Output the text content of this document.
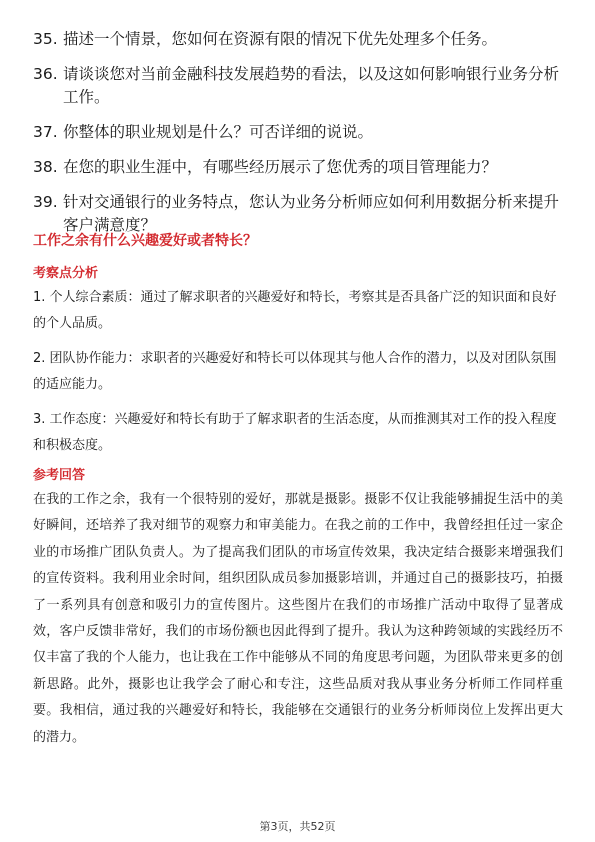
35. 描述一个情景，您如何在资源有限的情况下优先处理多个任务。
36. 请谈谈您对当前金融科技发展趋势的看法，以及这如何影响银行业务分析工作。
37. 你整体的职业规划是什么？可否详细的说说。
38. 在您的职业生涯中，有哪些经历展示了您优秀的项目管理能力？
39. 针对交通银行的业务特点，您认为业务分析师应如何利用数据分析来提升客户满意度？
工作之余有什么兴趣爱好或者特长？
考察点分析

1. 个人综合素质：通过了解求职者的兴趣爱好和特长，考察其是否具备广泛的知识面和良好的个人品质。

2. 团队协作能力：求职者的兴趣爱好和特长可以体现其与他人合作的潜力，以及对团队氛围的适应能力。

3. 工作态度：兴趣爱好和特长有助于了解求职者的生活态度，从而推测其对工作的投入程度和积极态度。

参考回答

在我的工作之余，我有一个很特别的爱好，那就是摄影。摄影不仅让我能够捕捉生活中的美好瞬间，还培养了我对细节的观察力和审美能力。在我之前的工作中，我曾经担任过一家企业的市场推广团队负责人。为了提高我们团队的市场宣传效果，我决定结合摄影来增强我们的宣传资料。我利用业余时间，组织团队成员参加摄影培训，并通过自己的摄影技巧，拍摄了一系列具有创意和吸引力的宣传图片。这些图片在我们的市场推广活动中取得了显著成效，客户反馈非常好，我们的市场份额也因此得到了提升。我认为这种跨领域的实践经历不仅丰富了我的个人能力，也让我在工作中能够从不同的角度思考问题，为团队带来更多的创新思路。此外，摄影也让我学会了耐心和专注，这些品质对我从事业务分析师工作同样重要。我相信，通过我的兴趣爱好和特长，我能够在交通银行的业务分析师岗位上发挥出更大的潜力。

第3页，共52页
